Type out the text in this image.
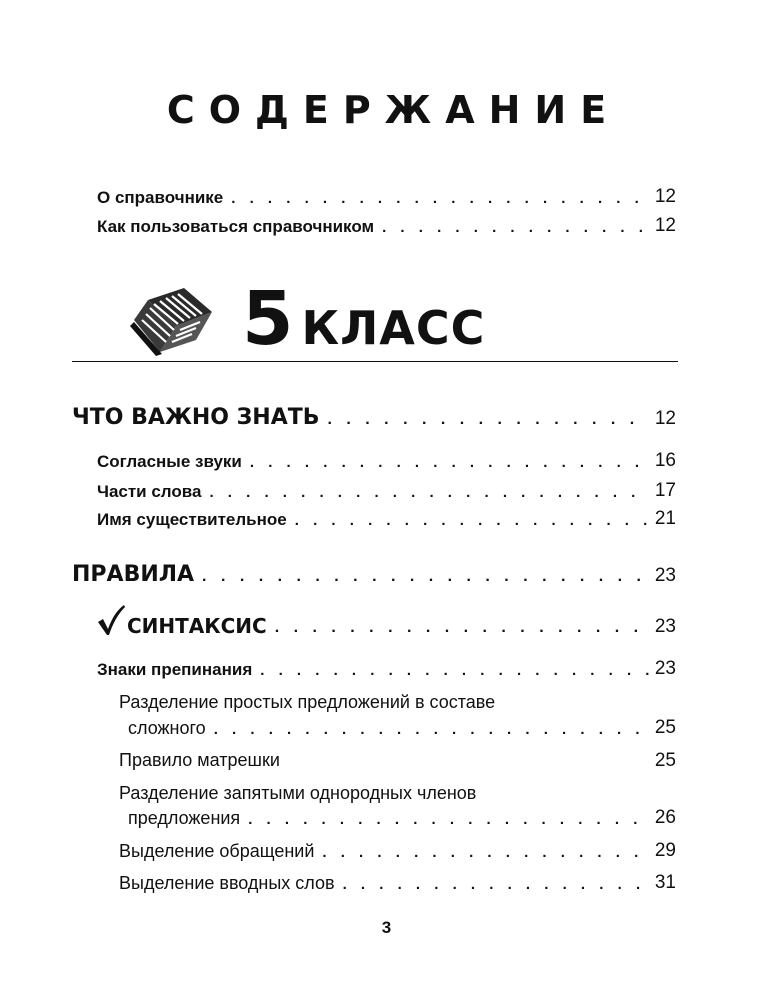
СОДЕРЖАНИЕ
О справочнике . . .	12
Как пользоваться справочником . . .	12
5 КЛАСС
ЧТО ВАЖНО ЗНАТЬ . . .	12
Согласные звуки . . .	16
Части слова . . .	17
Имя существительное . . .	21
ПРАВИЛА . . .	23
СИНТАКСИС . . .	23
Знаки препинания . . .	23
Разделение простых предложений в составе
сложного . . .	25
Правило матрешки	25
Разделение запятыми однородных членов
предложения . . .	26
Выделение обращений . . .	29
Выделение вводных слов . . .	31
3
